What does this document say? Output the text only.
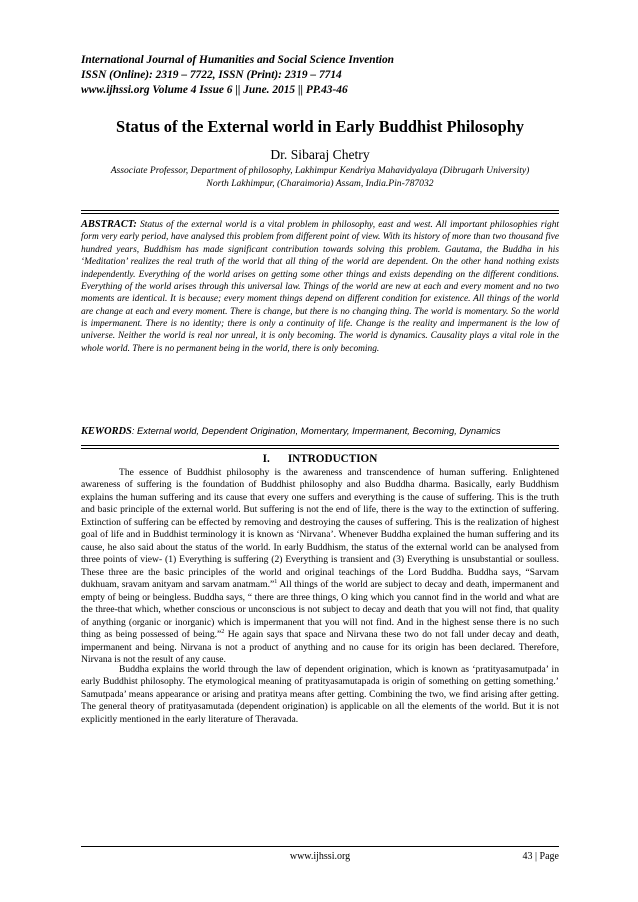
International Journal of Humanities and Social Science Invention
ISSN (Online): 2319 – 7722, ISSN (Print): 2319 – 7714
www.ijhssi.org Volume 4 Issue 6 || June. 2015 || PP.43-46
Status of the External world in Early Buddhist Philosophy
Dr. Sibaraj Chetry
Associate Professor, Department of philosophy, Lakhimpur Kendriya Mahavidyalaya (Dibrugarh University)
North Lakhimpur, (Charaimoria) Assam, India.Pin-787032
ABSTRACT: Status of the external world is a vital problem in philosophy, east and west. All important philosophies right form very early period, have analysed this problem from different point of view. With its history of more than two thousand five hundred years, Buddhism has made significant contribution towards solving this problem. Gautama, the Buddha in his ‘Meditation’ realizes the real truth of the world that all thing of the world are dependent. On the other hand nothing exists independently. Everything of the world arises on getting some other things and exists depending on the different conditions. Everything of the world arises through this universal law. Things of the world are new at each and every moment and no two moments are identical. It is because; every moment things depend on different condition for existence. All things of the world are change at each and every moment. There is change, but there is no changing thing. The world is momentary. So the world is impermanent. There is no identity; there is only a continuity of life. Change is the reality and impermanent is the low of universe. Neither the world is real nor unreal, it is only becoming. The world is dynamics. Causality plays a vital role in the whole world. There is no permanent being in the world, there is only becoming.
KEWORDS: External world, Dependent Origination, Momentary, Impermanent, Becoming, Dynamics
I. INTRODUCTION
The essence of Buddhist philosophy is the awareness and transcendence of human suffering. Enlightened awareness of suffering is the foundation of Buddhist philosophy and also Buddha dharma. Basically, early Buddhism explains the human suffering and its cause that every one suffers and everything is the cause of suffering. This is the truth and basic principle of the external world. But suffering is not the end of life, there is the way to the extinction of suffering. Extinction of suffering can be effected by removing and destroying the causes of suffering. This is the realization of highest goal of life and in Buddhist terminology it is known as ‘Nirvana’. Whenever Buddha explained the human suffering and its cause, he also said about the status of the world. In early Buddhism, the status of the external world can be analysed from three points of view- (1) Everything is suffering (2) Everything is transient and (3) Everything is unsubstantial or soulless. These three are the basic principles of the world and original teachings of the Lord Buddha. Buddha says, “Sarvam dukhuam, sravam anityam and sarvam anatmam.”$^1$ All things of the world are subject to decay and death, impermanent and empty of being or beingless. Buddha says, “ there are three things, O king which you cannot find in the world and what are the three-that which, whether conscious or unconscious is not subject to decay and death that you will not find, that quality of anything (organic or inorganic) which is impermanent that you will not find. And in the highest sense there is no such thing as being possessed of being.”$^2$ He again says that space and Nirvana these two do not fall under decay and death, impermanent and being. Nirvana is not a product of anything and no cause for its origin has been declared. Therefore, Nirvana is not the result of any cause.
Buddha explains the world through the law of dependent origination, which is known as ‘pratityasamutpada’ in early Buddhist philosophy. The etymological meaning of pratityasamutapada is origin of something on getting something.’ Samutpada’ means appearance or arising and pratitya means after getting. Combining the two, we find arising after getting. The general theory of pratityasamutada (dependent origination) is applicable on all the elements of the world. But it is not explicitly mentioned in the early literature of Theravada.
www.ijhssi.org	43 | Page
